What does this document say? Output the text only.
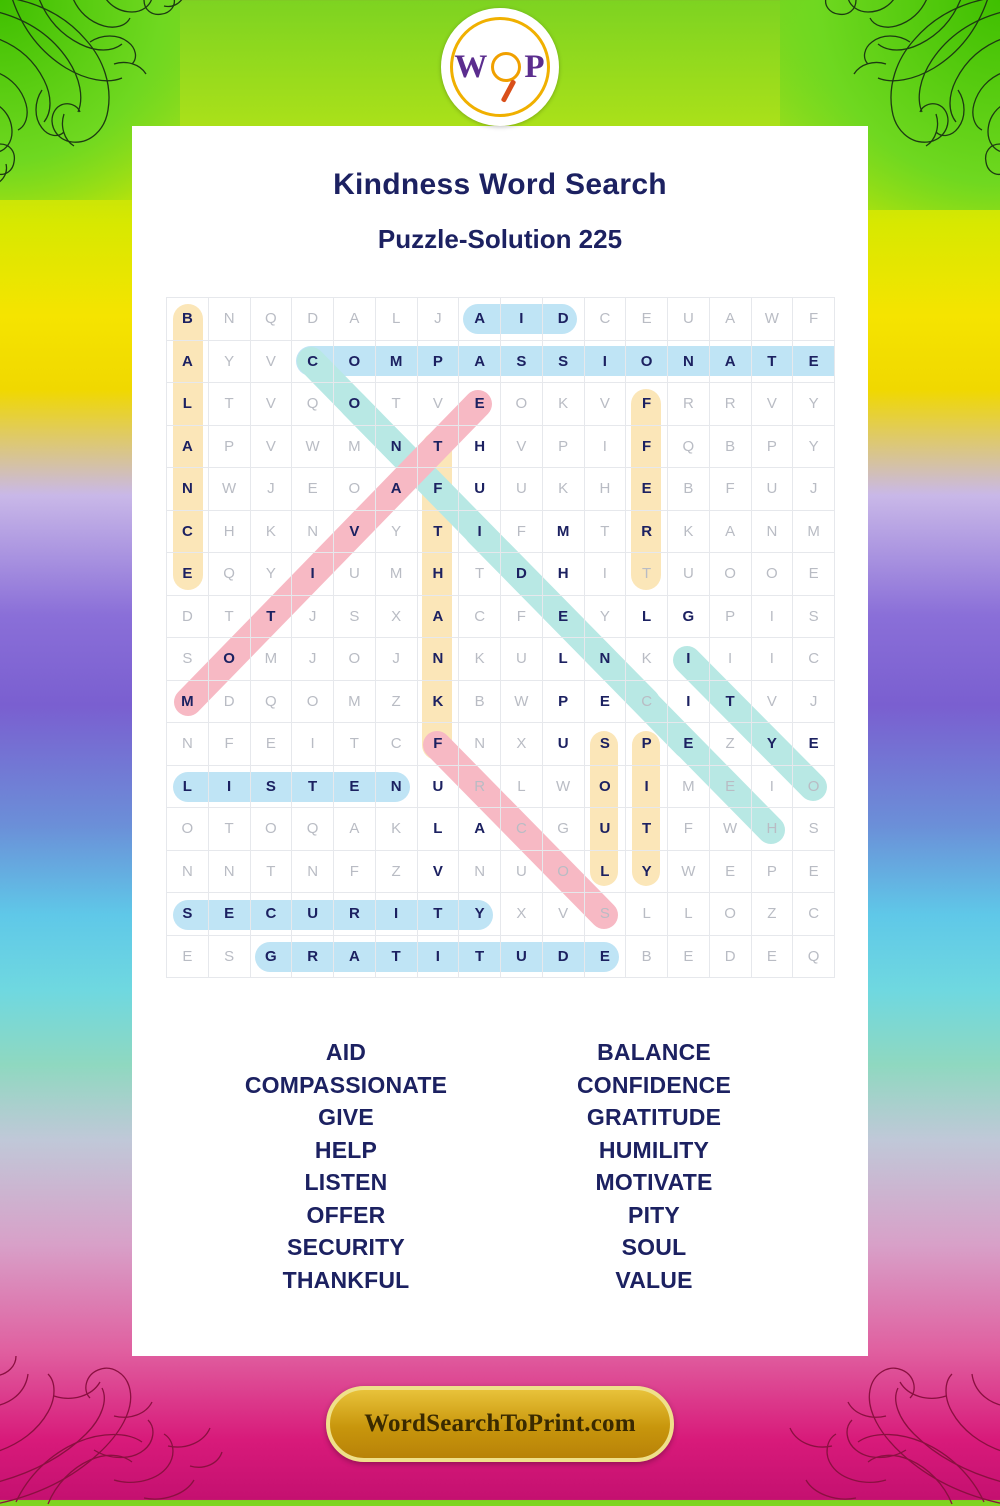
W P
Kindness Word Search
Puzzle-Solution 225
B	N	Q	D	A	L	J	A	I	D	C	E	U	A	W	F
A	Y	V	C	O	M	P	A	S	S	I	O	N	A	T	E
L	T	V	Q	O	T	V	E	O	K	V	F	R	R	V	Y
A	P	V	W	M	N	T	H	V	P	I	F	Q	B	P	Y
N	W	J	E	O	A	F	U	U	K	H	E	B	F	U	J
C	H	K	N	V	Y	T	I	F	M	T	R	K	A	N	M
E	Q	Y	I	U	M	H	T	D	H	I	T	U	O	O	E
D	T	T	J	S	X	A	C	F	E	Y	L	G	P	I	S
S	O	M	J	O	J	N	K	U	L	N	K	I	I	I	C
M	D	Q	O	M	Z	K	B	W	P	E	C	I	T	V	J
N	F	E	I	T	C	F	N	X	U	S	P	E	Z	Y	E
L	I	S	T	E	N	U	R	L	W	O	I	M	E	I	O
O	T	O	Q	A	K	L	A	C	G	U	T	F	W	H	S
N	N	T	N	F	Z	V	N	U	O	L	Y	W	E	P	E
S	E	C	U	R	I	T	Y	X	V	S	L	L	O	Z	C
E	S	G	R	A	T	I	T	U	D	E	B	E	D	E	Q
AID
COMPASSIONATE
GIVE
HELP
LISTEN
OFFER
SECURITY
THANKFUL
BALANCE
CONFIDENCE
GRATITUDE
HUMILITY
MOTIVATE
PITY
SOUL
VALUE
WordSearchToPrint.com
